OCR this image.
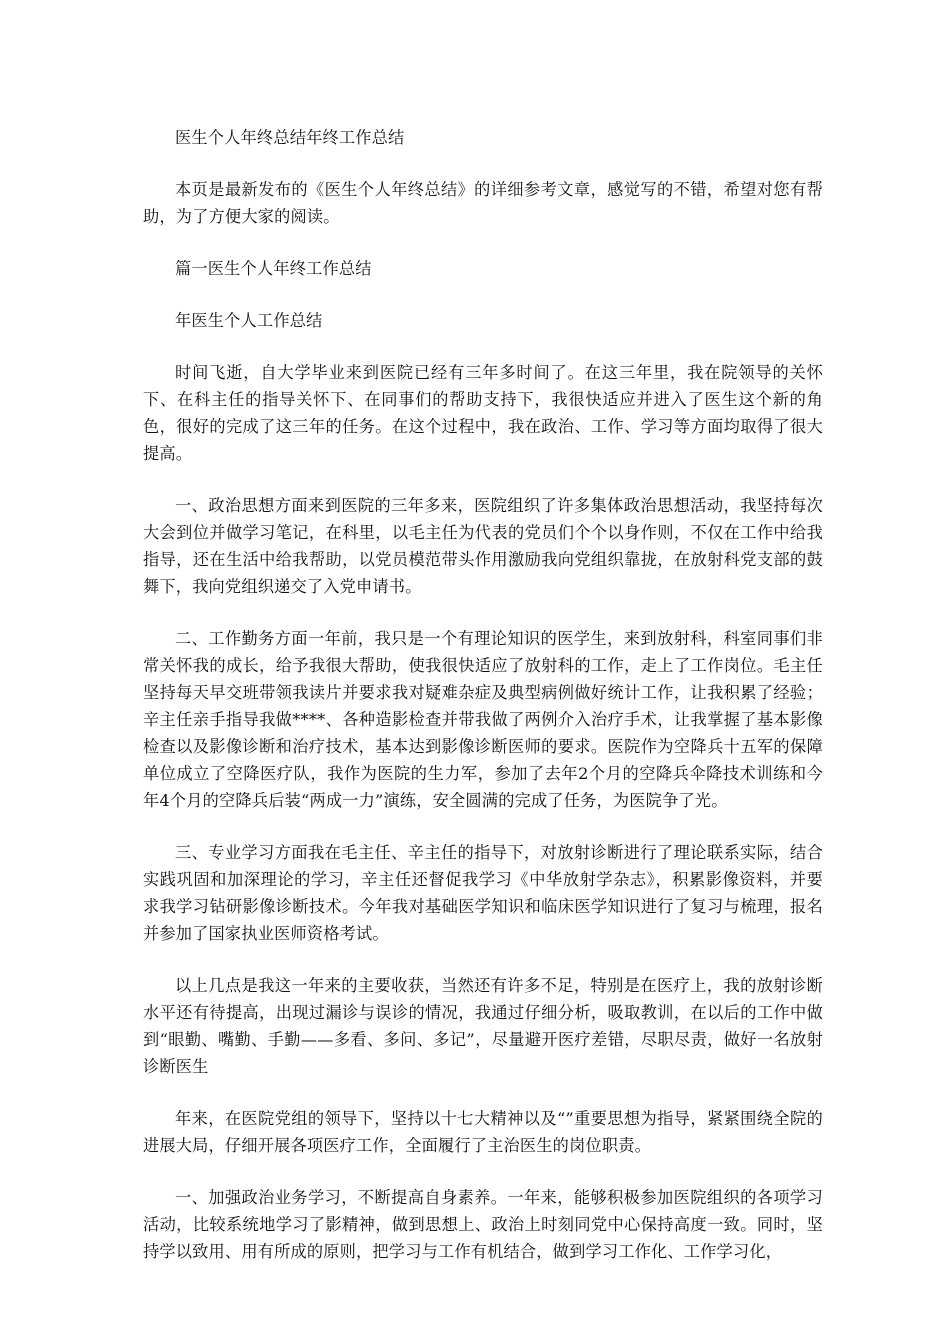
医生个人年终总结年终工作总结

本页是最新发布的《医生个人年终总结》的详细参考文章，感觉写的不错，希望对您有帮助，为了方便大家的阅读。

篇一医生个人年终工作总结

年医生个人工作总结

时间飞逝，自大学毕业来到医院已经有三年多时间了。在这三年里，我在院领导的关怀下、在科主任的指导关怀下、在同事们的帮助支持下，我很快适应并进入了医生这个新的角色，很好的完成了这三年的任务。在这个过程中，我在政治、工作、学习等方面均取得了很大提高。

一、政治思想方面来到医院的三年多来，医院组织了许多集体政治思想活动，我坚持每次大会到位并做学习笔记，在科里，以毛主任为代表的党员们个个以身作则，不仅在工作中给我指导，还在生活中给我帮助，以党员模范带头作用激励我向党组织靠拢，在放射科党支部的鼓舞下，我向党组织递交了入党申请书。

二、工作勤务方面一年前，我只是一个有理论知识的医学生，来到放射科，科室同事们非常关怀我的成长，给予我很大帮助，使我很快适应了放射科的工作，走上了工作岗位。毛主任坚持每天早交班带领我读片并要求我对疑难杂症及典型病例做好统计工作，让我积累了经验；辛主任亲手指导我做****、各种造影检查并带我做了两例介入治疗手术，让我掌握了基本影像检查以及影像诊断和治疗技术，基本达到影像诊断医师的要求。医院作为空降兵十五军的保障单位成立了空降医疗队，我作为医院的生力军，参加了去年2个月的空降兵伞降技术训练和今年4个月的空降兵后装“两成一力”演练，安全圆满的完成了任务，为医院争了光。

三、专业学习方面我在毛主任、辛主任的指导下，对放射诊断进行了理论联系实际，结合实践巩固和加深理论的学习，辛主任还督促我学习《中华放射学杂志》，积累影像资料，并要求我学习钻研影像诊断技术。今年我对基础医学知识和临床医学知识进行了复习与梳理，报名并参加了国家执业医师资格考试。

以上几点是我这一年来的主要收获，当然还有许多不足，特别是在医疗上，我的放射诊断水平还有待提高，出现过漏诊与误诊的情况，我通过仔细分析，吸取教训，在以后的工作中做到“眼勤、嘴勤、手勤——多看、多问、多记”，尽量避开医疗差错，尽职尽责，做好一名放射诊断医生

年来，在医院党组的领导下，坚持以十七大精神以及“”重要思想为指导，紧紧围绕全院的进展大局，仔细开展各项医疗工作，全面履行了主治医生的岗位职责。

一、加强政治业务学习，不断提高自身素养。一年来，能够积极参加医院组织的各项学习活动，比较系统地学习了影精神，做到思想上、政治上时刻同党中心保持高度一致。同时，坚持学以致用、用有所成的原则，把学习与工作有机结合，做到学习工作化、工作学习化，
